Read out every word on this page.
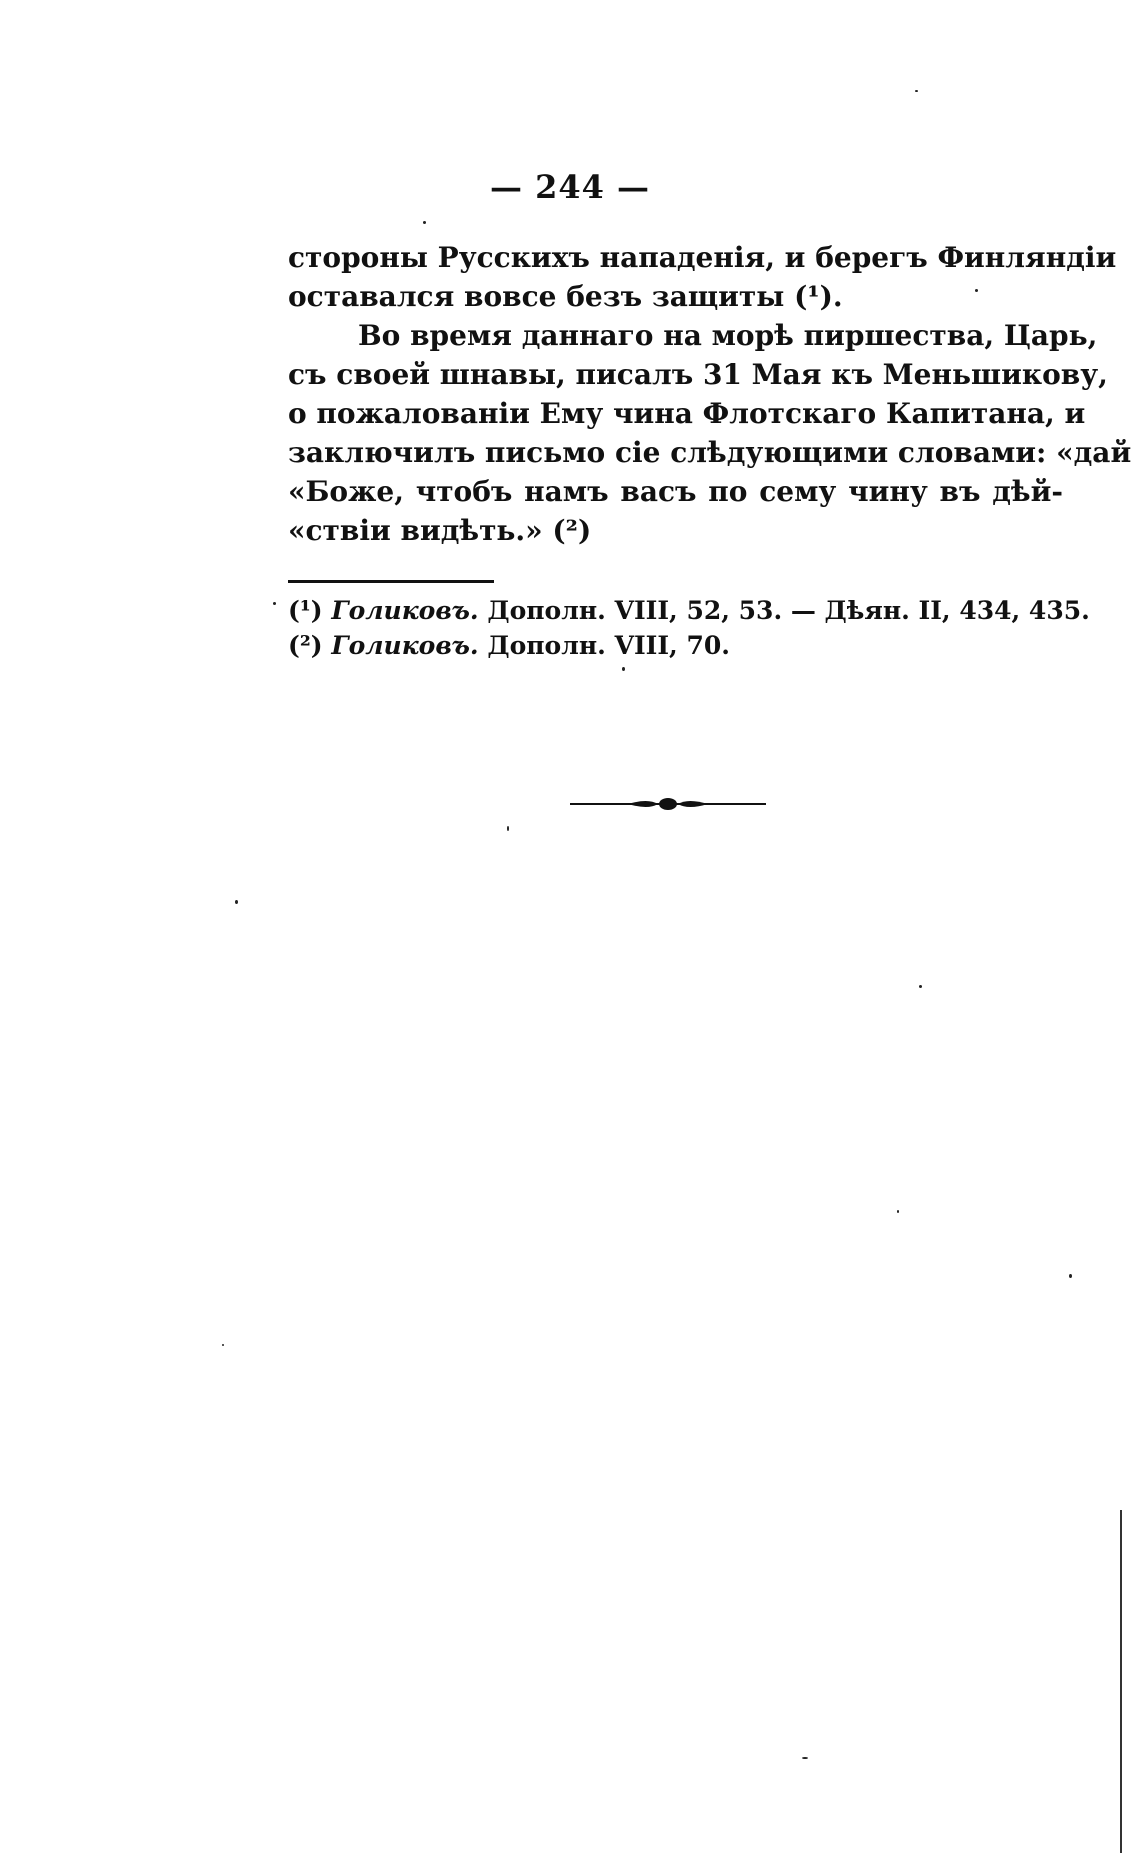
— 244 —
стороны Русскихъ нападенія, и берегъ Финляндіи
оставался вовсе безъ защиты (¹).
Во время даннаго на морѣ пиршества, Царь,
съ своей шнавы, писалъ 31 Мая къ Меньшикову,
о пожалованіи Ему чина Флотскаго Капитана, и
заключилъ письмо сіе слѣдующими словами: «дай
«Боже, чтобъ намъ васъ по сему чину въ дѣй-
«ствіи видѣть.» (²)
(¹) Голиковъ. Дополн. VIII, 52, 53. — Дѣян. II, 434, 435.
(²) Голиковъ. Дополн. VIII, 70.
